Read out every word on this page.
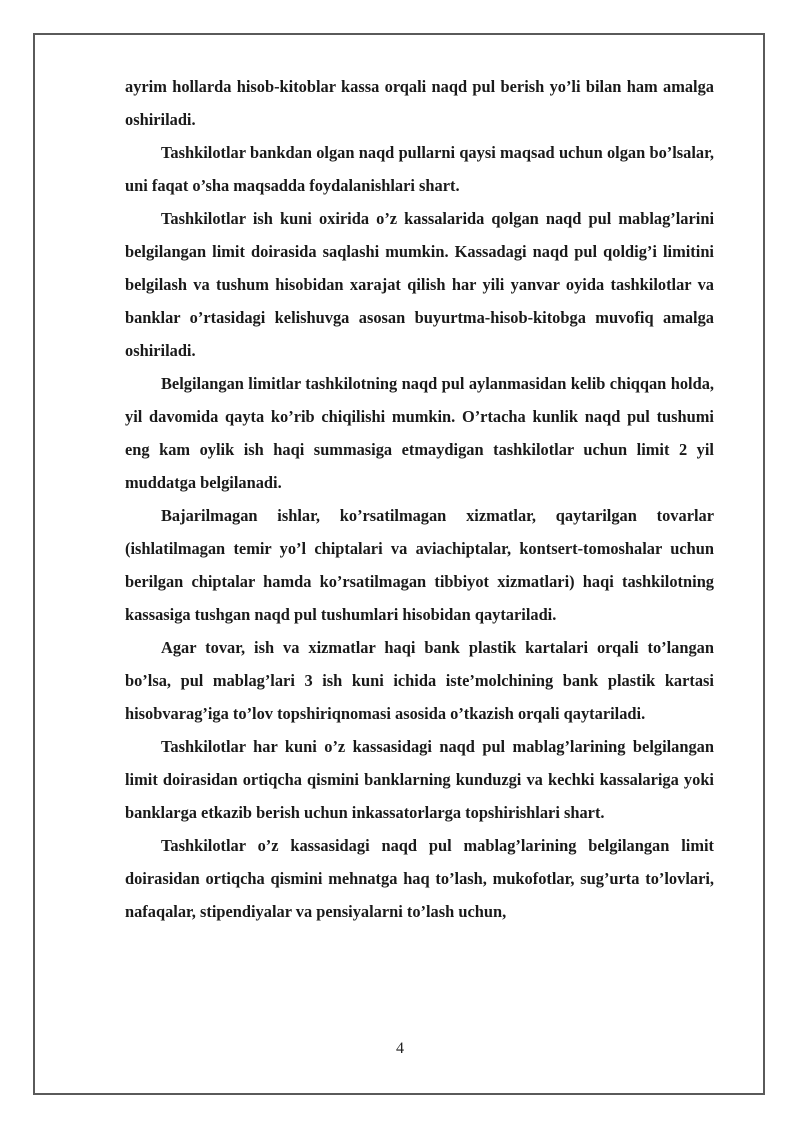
ayrim hollarda hisob-kitoblar kassa orqali naqd pul berish yo’li bilan ham amalga oshiriladi.

Tashkilotlar bankdan olgan naqd pullarni qaysi maqsad uchun olgan bo’lsalar, uni faqat o’sha maqsadda foydalanishlari shart.

Tashkilotlar ish kuni oxirida o’z kassalarida qolgan naqd pul mablag’larini belgilangan limit doirasida saqlashi mumkin. Kassadagi naqd pul qoldig’i limitini belgilash va tushum hisobidan xarajat qilish har yili yanvar oyida tashkilotlar va banklar o’rtasidagi kelishuvga asosan buyurtma-hisob-kitobga muvofiq amalga oshiriladi.

Belgilangan limitlar tashkilotning naqd pul aylanmasidan kelib chiqqan holda, yil davomida qayta ko’rib chiqilishi mumkin. O’rtacha kunlik naqd pul tushumi eng kam oylik ish haqi summasiga etmaydigan tashkilotlar uchun limit 2 yil muddatga belgilanadi.

Bajarilmagan ishlar, ko’rsatilmagan xizmatlar, qaytarilgan tovarlar (ishlatilmagan temir yo’l chiptalari va aviachiptalar, kontsert-tomoshalar uchun berilgan chiptalar hamda ko’rsatilmagan tibbiyot xizmatlari) haqi tashkilotning kassasiga tushgan naqd pul tushumlari hisobidan qaytariladi.

Agar tovar, ish va xizmatlar haqi bank plastik kartalari orqali to’langan bo’lsa, pul mablag’lari 3 ish kuni ichida iste’molchining bank plastik kartasi hisobvarag’iga to’lov topshiriqnomasi asosida o’tkazish orqali qaytariladi.

Tashkilotlar har kuni o’z kassasidagi naqd pul mablag’larining belgilangan limit doirasidan ortiqcha qismini banklarning kunduzgi va kechki kassalariga yoki banklarga etkazib berish uchun inkassatorlarga topshirishlari shart.

Tashkilotlar o’z kassasidagi naqd pul mablag’larining belgilangan limit doirasidan ortiqcha qismini mehnatga haq to’lash, mukofotlar, sug’urta to’lovlari, nafaqalar, stipendiyalar va pensiyalarni to’lash uchun,

4
